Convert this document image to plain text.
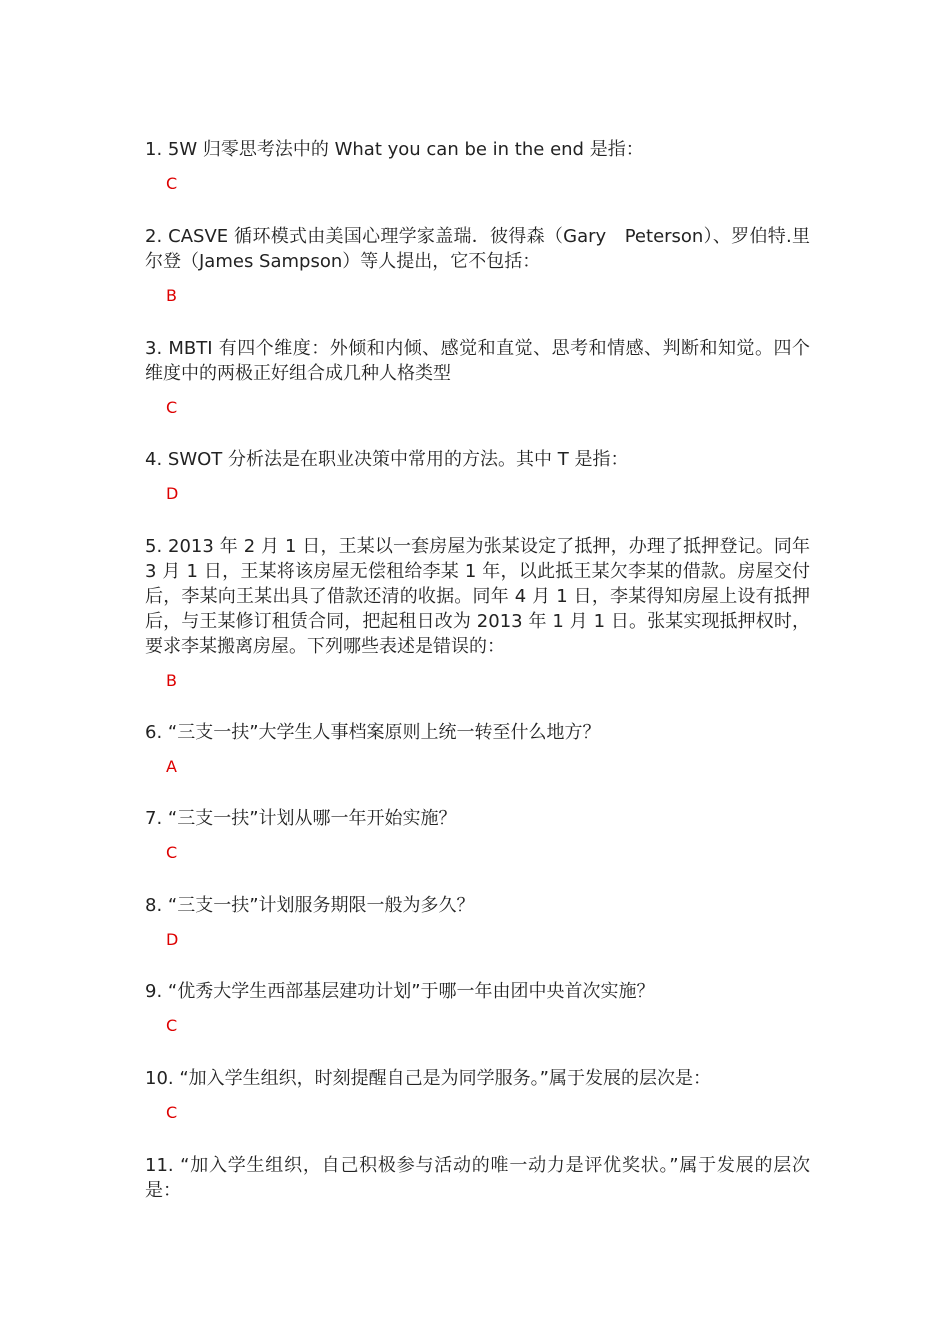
1. 5W 归零思考法中的 What you can be in the end 是指：

C

2. CASVE 循环模式由美国心理学家盖瑞．彼得森（Gary　Peterson）、罗伯特.里尔登（James Sampson）等人提出，它不包括：

B

3. MBTI 有四个维度：外倾和内倾、感觉和直觉、思考和情感、判断和知觉。四个维度中的两极正好组合成几种人格类型

C

4. SWOT 分析法是在职业决策中常用的方法。其中 T 是指：

D

5. 2013 年 2 月 1 日，王某以一套房屋为张某设定了抵押，办理了抵押登记。同年 3 月 1 日，王某将该房屋无偿租给李某 1 年，以此抵王某欠李某的借款。房屋交付后，李某向王某出具了借款还清的收据。同年 4 月 1 日，李某得知房屋上设有抵押后，与王某修订租赁合同，把起租日改为 2013 年 1 月 1 日。张某实现抵押权时，要求李某搬离房屋。下列哪些表述是错误的：

B

6. “三支一扶”大学生人事档案原则上统一转至什么地方？

A

7. “三支一扶”计划从哪一年开始实施？

C

8. “三支一扶”计划服务期限一般为多久？

D

9. “优秀大学生西部基层建功计划”于哪一年由团中央首次实施？

C

10. “加入学生组织，时刻提醒自己是为同学服务。”属于发展的层次是：

C

11. “加入学生组织，自己积极参与活动的唯一动力是评优奖状。”属于发展的层次是：
